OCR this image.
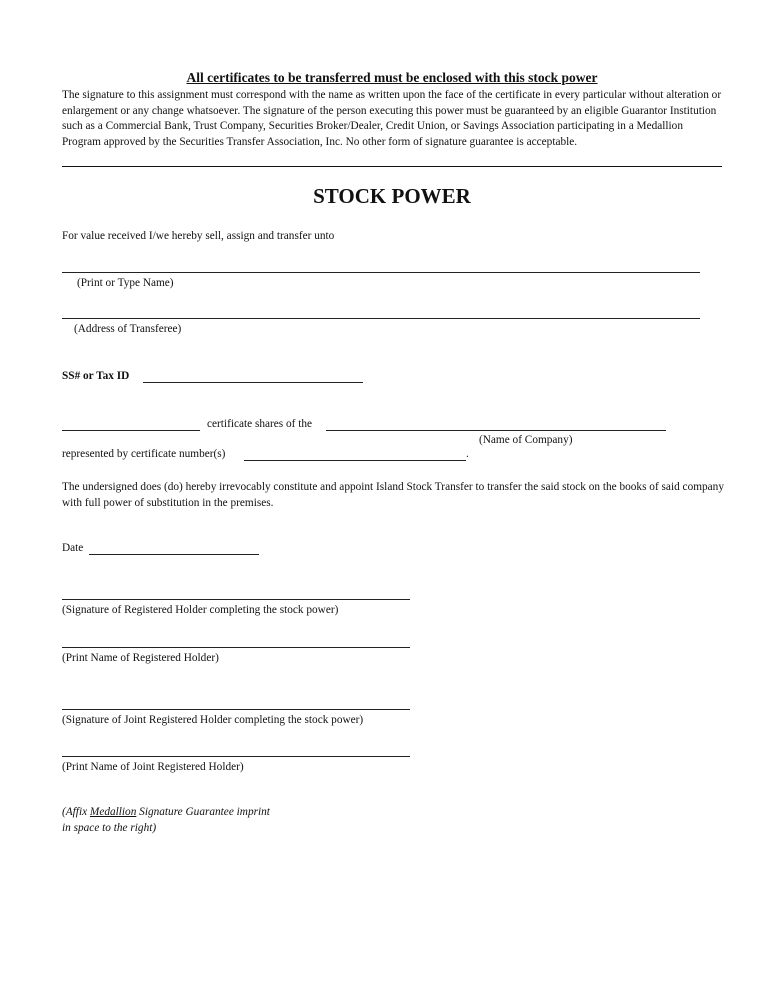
All certificates to be transferred must be enclosed with this stock power
The signature to this assignment must correspond with the name as written upon the face of the certificate in every particular without alteration or enlargement or any change whatsoever. The signature of the person executing this power must be guaranteed by an eligible Guarantor Institution such as a Commercial Bank, Trust Company, Securities Broker/Dealer, Credit Union, or Savings Association participating in a Medallion Program approved by the Securities Transfer Association, Inc. No other form of signature guarantee is acceptable.
STOCK POWER
For value received I/we hereby sell, assign and transfer unto
(Print or Type Name)
(Address of Transferee)
SS# or Tax ID
certificate shares of the
(Name of Company)
represented by certificate number(s)	.
The undersigned does (do) hereby irrevocably constitute and appoint Island Stock Transfer to transfer the said stock on the books of said company with full power of substitution in the premises.
Date
(Signature of Registered Holder completing the stock power)
(Print Name of Registered Holder)
(Signature of Joint Registered Holder completing the stock power)
(Print Name of Joint Registered Holder)
(Affix Medallion Signature Guarantee imprint
in space to the right)
